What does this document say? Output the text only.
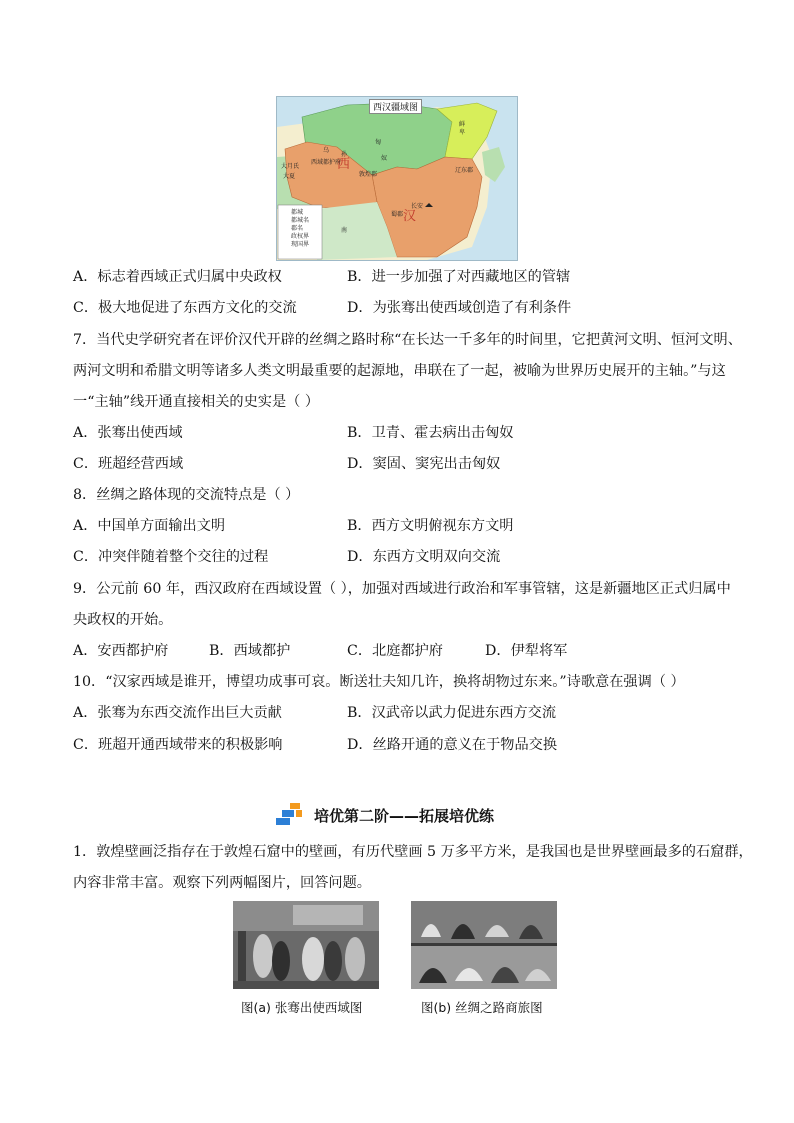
西汉疆域图
西
汉
乌
孙
匈
奴
西域都护府
敦煌郡
鲜
卑
大月氏
大夏
长安
蜀郡
辽东郡
南
都城
都城名
郡名
政权界
现国界
A．标志着西域正式归属中央政权	B．进一步加强了对西藏地区的管辖
C．极大地促进了东西方文化的交流	D．为张骞出使西域创造了有利条件
7．当代史学研究者在评价汉代开辟的丝绸之路时称“在长达一千多年的时间里，它把黄河文明、恒河文明、
两河文明和希腊文明等诸多人类文明最重要的起源地，串联在了一起，被喻为世界历史展开的主轴。”与这
一“主轴”线开通直接相关的史实是（ ）
A．张骞出使西域	B．卫青、霍去病出击匈奴
C．班超经营西域	D．窦固、窦宪出击匈奴
8．丝绸之路体现的交流特点是（ ）
A．中国单方面输出文明	B．西方文明俯视东方文明
C．冲突伴随着整个交往的过程	D．东西方文明双向交流
9．公元前 60 年，西汉政府在西域设置（ ），加强对西域进行政治和军事管辖，这是新疆地区正式归属中
央政权的开始。
A．安西都护府	B．西域都护	C．北庭都护府	D．伊犁将军
10．“汉家西域是谁开，博望功成事可哀。断送壮夫知几许，换将胡物过东来。”诗歌意在强调（ ）
A．张骞为东西交流作出巨大贡献	B．汉武帝以武力促进东西方交流
C．班超开通西域带来的积极影响	D．丝路开通的意义在于物品交换
培优第二阶——拓展培优练
1．敦煌壁画泛指存在于敦煌石窟中的壁画，有历代壁画 5 万多平方米，是我国也是世界壁画最多的石窟群，
内容非常丰富。观察下列两幅图片，回答问题。
图(a) 张骞出使西域图	图(b) 丝绸之路商旅图
